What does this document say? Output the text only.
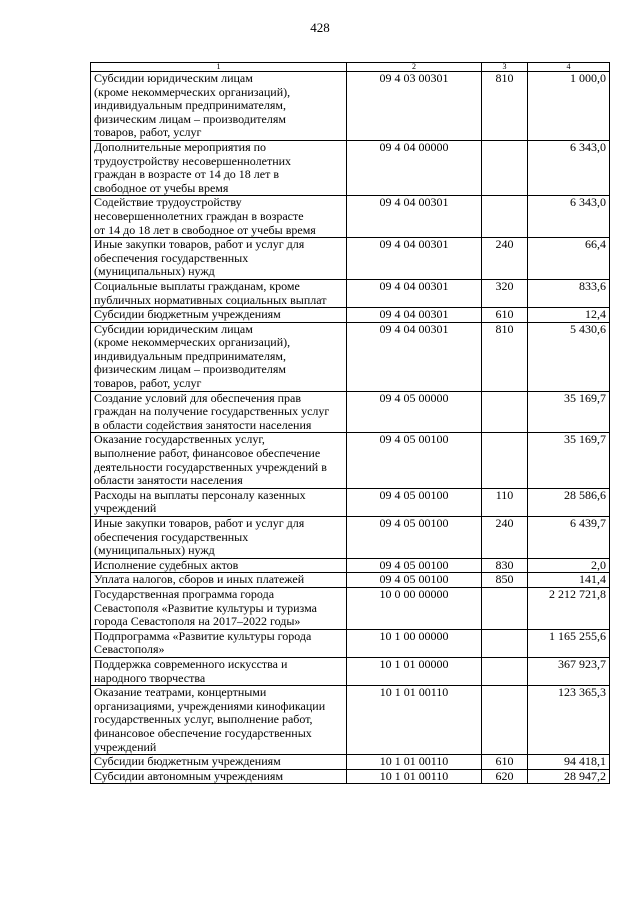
428
1	2	3	4
Субсидии юридическим лицам
(кроме некоммерческих организаций),
индивидуальным предпринимателям,
физическим лицам – производителям
товаров, работ, услуг	09 4 03 00301	810	1 000,0
Дополнительные мероприятия по
трудоустройству несовершеннолетних
граждан в возрасте от 14 до 18 лет в
свободное от учебы время	09 4 04 00000		6 343,0
Содействие трудоустройству
несовершеннолетних граждан в возрасте
от 14 до 18 лет в свободное от учебы время	09 4 04 00301		6 343,0
Иные закупки товаров, работ и услуг для
обеспечения государственных
(муниципальных) нужд	09 4 04 00301	240	66,4
Социальные выплаты гражданам, кроме
публичных нормативных социальных выплат	09 4 04 00301	320	833,6
Субсидии бюджетным учреждениям	09 4 04 00301	610	12,4
Субсидии юридическим лицам
(кроме некоммерческих организаций),
индивидуальным предпринимателям,
физическим лицам – производителям
товаров, работ, услуг	09 4 04 00301	810	5 430,6
Создание условий для обеспечения прав
граждан на получение государственных услуг
в области содействия занятости населения	09 4 05 00000		35 169,7
Оказание государственных услуг,
выполнение работ, финансовое обеспечение
деятельности государственных учреждений в
области занятости населения	09 4 05 00100		35 169,7
Расходы на выплаты персоналу казенных
учреждений	09 4 05 00100	110	28 586,6
Иные закупки товаров, работ и услуг для
обеспечения государственных
(муниципальных) нужд	09 4 05 00100	240	6 439,7
Исполнение судебных актов	09 4 05 00100	830	2,0
Уплата налогов, сборов и иных платежей	09 4 05 00100	850	141,4
Государственная программа города
Севастополя «Развитие культуры и туризма
города Севастополя на 2017–2022 годы»	10 0 00 00000		2 212 721,8
Подпрограмма «Развитие культуры города
Севастополя»	10 1 00 00000		1 165 255,6
Поддержка современного искусства и
народного творчества	10 1 01 00000		367 923,7
Оказание театрами, концертными
организациями, учреждениями кинофикации
государственных услуг, выполнение работ,
финансовое обеспечение государственных
учреждений	10 1 01 00110		123 365,3
Субсидии бюджетным учреждениям	10 1 01 00110	610	94 418,1
Субсидии автономным учреждениям	10 1 01 00110	620	28 947,2
